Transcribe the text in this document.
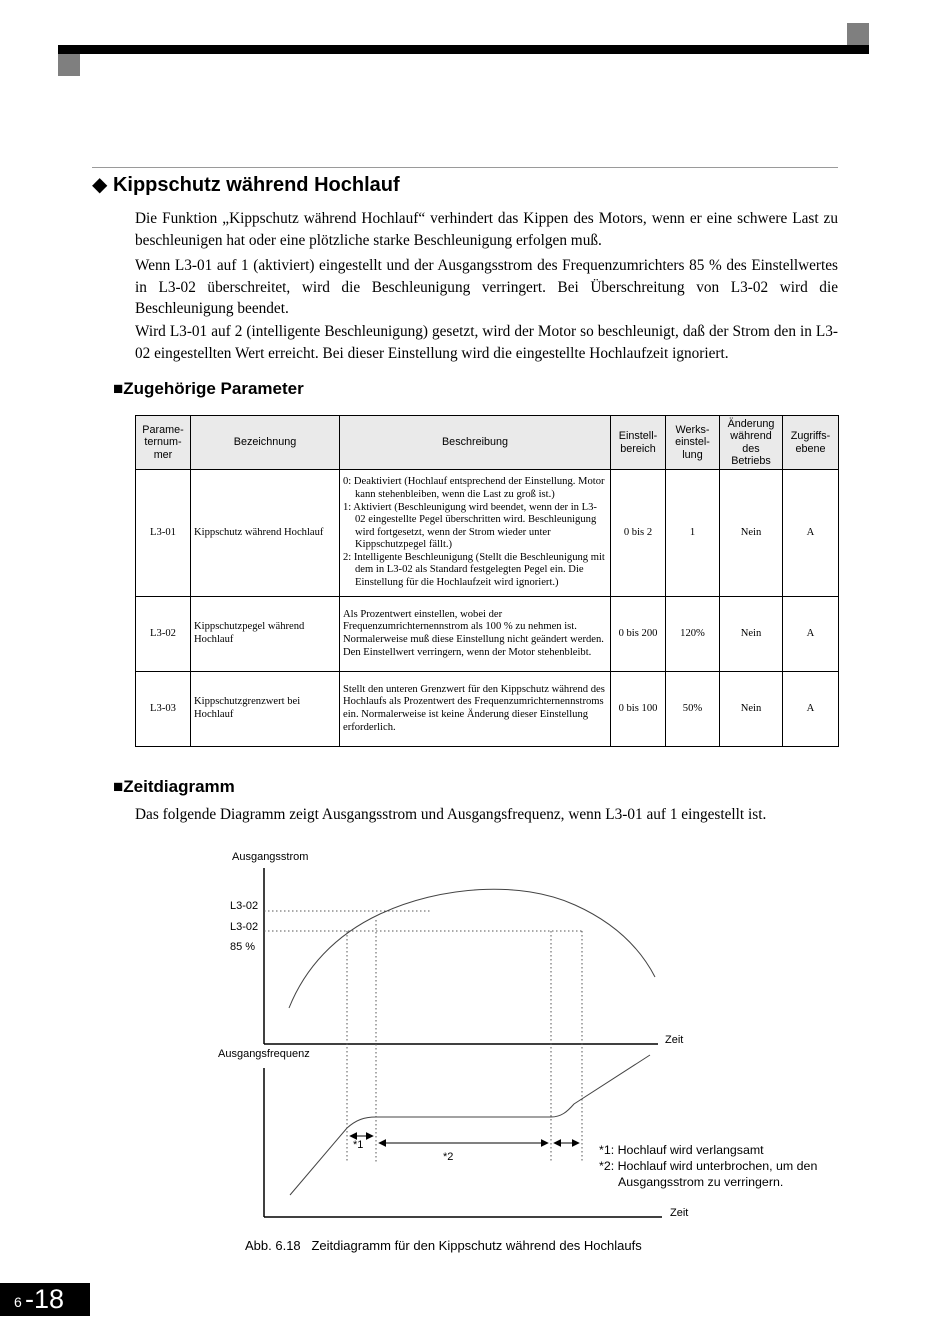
◆ Kippschutz während Hochlauf
Die Funktion „Kippschutz während Hochlauf“ verhindert das Kippen des Motors, wenn er eine schwere Last zu beschleunigen hat oder eine plötzliche starke Beschleunigung erfolgen muß.
Wenn L3-01 auf 1 (aktiviert) eingestellt und der Ausgangsstrom des Frequenzumrichters 85 % des Einstellwertes in L3-02 überschreitet, wird die Beschleunigung verringert. Bei Überschreitung von L3-02 wird die Beschleunigung beendet.
Wird L3-01 auf 2 (intelligente Beschleunigung) gesetzt, wird der Motor so beschleunigt, daß der Strom den in L3-02 eingestellten Wert erreicht. Bei dieser Einstellung wird die eingestellte Hochlaufzeit ignoriert.
■Zugehörige Parameter
Parame-ternum-mer	Bezeichnung	Beschreibung	Einstell-bereich	Werks-einstel-lung	Änderung während des Betriebs	Zugriffs-ebene
L3-01	Kippschutz während Hochlauf	0: Deaktiviert (Hochlauf entsprechend der Einstellung. Motor kann stehenbleiben, wenn die Last zu groß ist.)
1: Aktiviert (Beschleunigung wird beendet, wenn der in L3-02 eingestellte Pegel überschritten wird. Beschleunigung wird fortgesetzt, wenn der Strom wieder unter Kippschutzpegel fällt.)
2: Intelligente Beschleunigung (Stellt die Beschleunigung mit dem in L3-02 als Standard festgelegten Pegel ein. Die Einstellung für die Hochlaufzeit wird ignoriert.)	0 bis 2	1	Nein	A
L3-02	Kippschutzpegel während Hochlauf	Als Prozentwert einstellen, wobei der Frequenzumrichternennstrom als 100 % zu nehmen ist. Normalerweise muß diese Einstellung nicht geändert werden. Den Einstellwert verringern, wenn der Motor stehenbleibt.	0 bis 200	120%	Nein	A
L3-03	Kippschutzgrenzwert bei Hochlauf	Stellt den unteren Grenzwert für den Kippschutz während des Hochlaufs als Prozentwert des Frequenzumrichternennstroms ein. Normalerweise ist keine Änderung dieser Einstellung erforderlich.	0 bis 100	50%	Nein	A
■Zeitdiagramm
Das folgende Diagramm zeigt Ausgangsstrom und Ausgangsfrequenz, wenn L3-01 auf 1 eingestellt ist.
Ausgangsstrom
L3-02
L3-02
85 %
Zeit
Ausgangsfrequenz
*1
*2
Zeit
*1: Hochlauf wird verlangsamt
*2: Hochlauf wird unterbrochen, um den
Ausgangsstrom zu verringern.
Abb. 6.18   Zeitdiagramm für den Kippschutz während des Hochlaufs
6 -18
